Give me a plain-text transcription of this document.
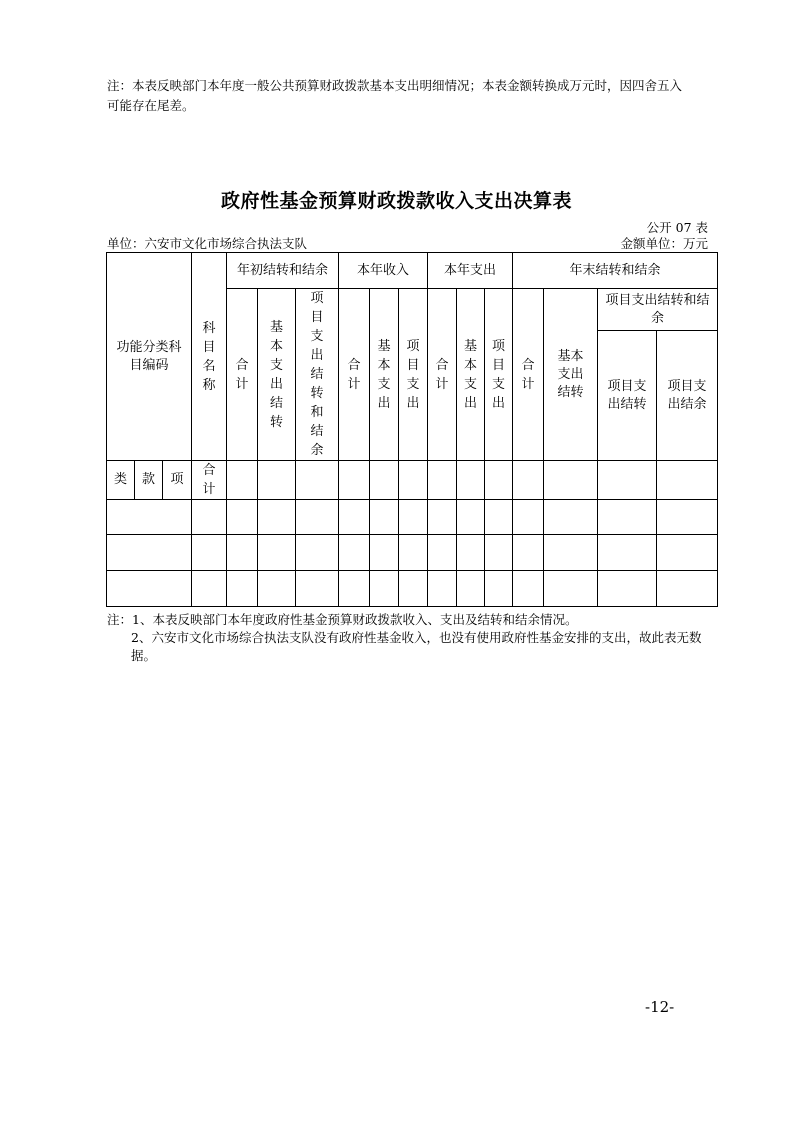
注：本表反映部门本年度一般公共预算财政拨款基本支出明细情况；本表金额转换成万元时，因四舍五入可能存在尾差。
政府性基金预算财政拨款收入支出决算表
公开 07 表
单位：六安市文化市场综合执法支队	金额单位：万元
功能分类科目编码			科目名称	年初结转和结余			本年收入			本年支出			年末结转和结余			
				合计	基本支出结转	项目支出结转和结余	合计	基本支出	项目支出	合计	基本支出	项目支出	合计	基本支出结转	项目支出结转和结余	
															项目支出结转	项目支出结余
类	款	项	合计													

注：1、本表反映部门本年度政府性基金预算财政拨款收入、支出及结转和结余情况。
2、六安市文化市场综合执法支队没有政府性基金收入，也没有使用政府性基金安排的支出，故此表无数据。
-12-
